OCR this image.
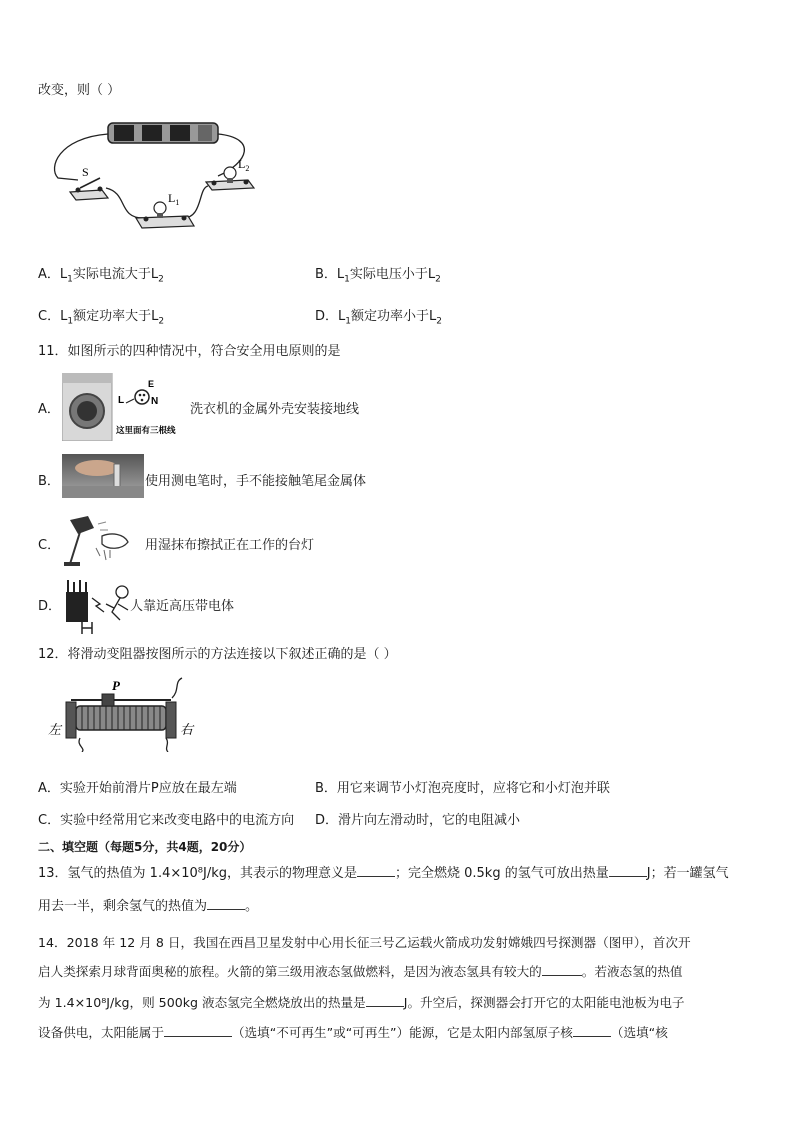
改变，则（ ）
S
$L_2$
$L_1$
A．$L_1$实际电流大于$L_2$	B．$L_1$实际电压小于$L_2$
C．$L_1$额定功率大于$L_2$	D．$L_1$额定功率小于$L_2$
11．如图所示的四种情况中，符合安全用电原则的是
A．
L
E
N
这里面有三根线
洗衣机的金属外壳安装接地线
B．	使用测电笔时，手不能接触笔尾金属体
C．	用湿抹布擦拭正在工作的台灯
D．	人靠近高压带电体
12．将滑动变阻器按图所示的方法连接以下叙述正确的是（ ）
P
左	右
A．实验开始前滑片P应放在最左端	B．用它来调节小灯泡亮度时，应将它和小灯泡并联
C．实验中经常用它来改变电路中的电流方向 D．滑片向左滑动时，它的电阻减小
二、填空题（每题5分，共4题，20分）
13．氢气的热值为 1.4×10⁸J/kg，其表示的物理意义是	；完全燃烧 0.5kg 的氢气可放出热量	J；若一罐氢气
用去一半，剩余氢气的热值为	。
14．2018 年 12 月 8 日，我国在西昌卫星发射中心用长征三号乙运载火箭成功发射嫦娥四号探测器（图甲），首次开
启人类探索月球背面奥秘的旅程。火箭的第三级用液态氢做燃料，是因为液态氢具有较大的	。若液态氢的热值
为 1.4×10⁸J/kg，则 500kg 液态氢完全燃烧放出的热量是	J。升空后，探测器会打开它的太阳能电池板为电子
设备供电，太阳能属于	（选填“不可再生”或“可再生”）能源，它是太阳内部氢原子核	（选填“核
